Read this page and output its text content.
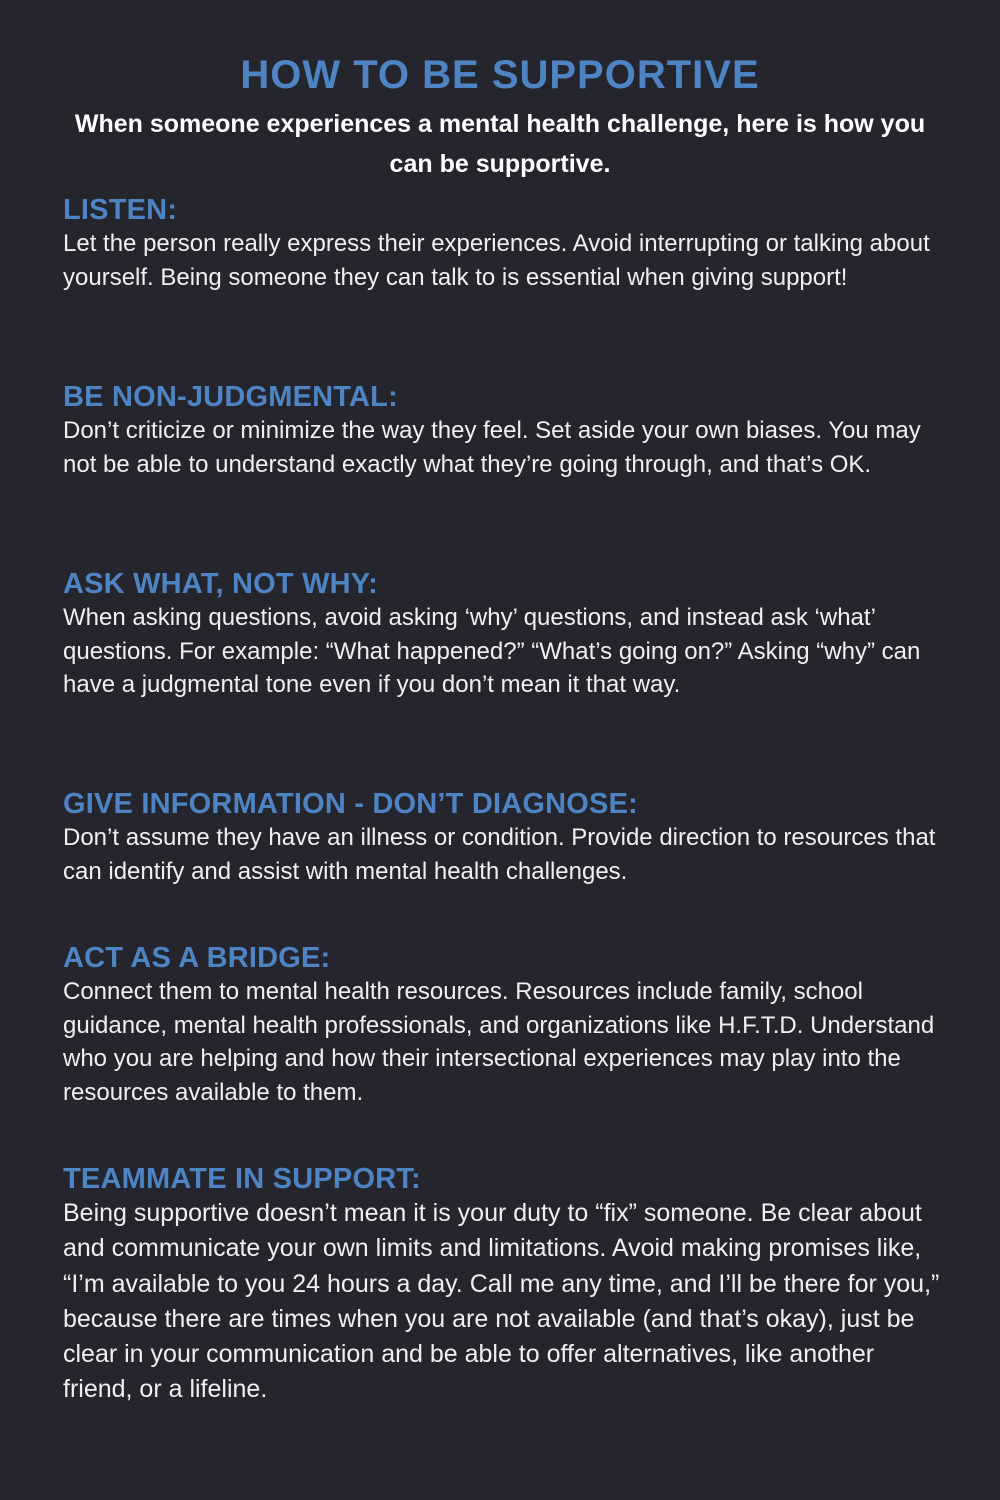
HOW TO BE SUPPORTIVE

When someone experiences a mental health challenge, here is how you can be supportive.

LISTEN:

Let the person really express their experiences. Avoid interrupting or talking about yourself. Being someone they can talk to is essential when giving support!

BE NON-JUDGMENTAL:

Don’t criticize or minimize the way they feel. Set aside your own biases. You may not be able to understand exactly what they’re going through, and that’s OK.

ASK WHAT, NOT WHY:

When asking questions, avoid asking ‘why’ questions, and instead ask ‘what’ questions. For example: “What happened?” “What’s going on?” Asking “why” can have a judgmental tone even if you don’t mean it that way.

GIVE INFORMATION - DON’T DIAGNOSE:

Don’t assume they have an illness or condition. Provide direction to resources that can identify and assist with mental health challenges.

ACT AS A BRIDGE:

Connect them to mental health resources. Resources include family, school guidance, mental health professionals, and organizations like H.F.T.D. Understand who you are helping and how their intersectional experiences may play into the resources available to them.

TEAMMATE IN SUPPORT:

Being supportive doesn’t mean it is your duty to “fix” someone. Be clear about and communicate your own limits and limitations. Avoid making promises like, “I’m available to you 24 hours a day. Call me any time, and I’ll be there for you,” because there are times when you are not available (and that’s okay), just be clear in your communication and be able to offer alternatives, like another friend, or a lifeline.
